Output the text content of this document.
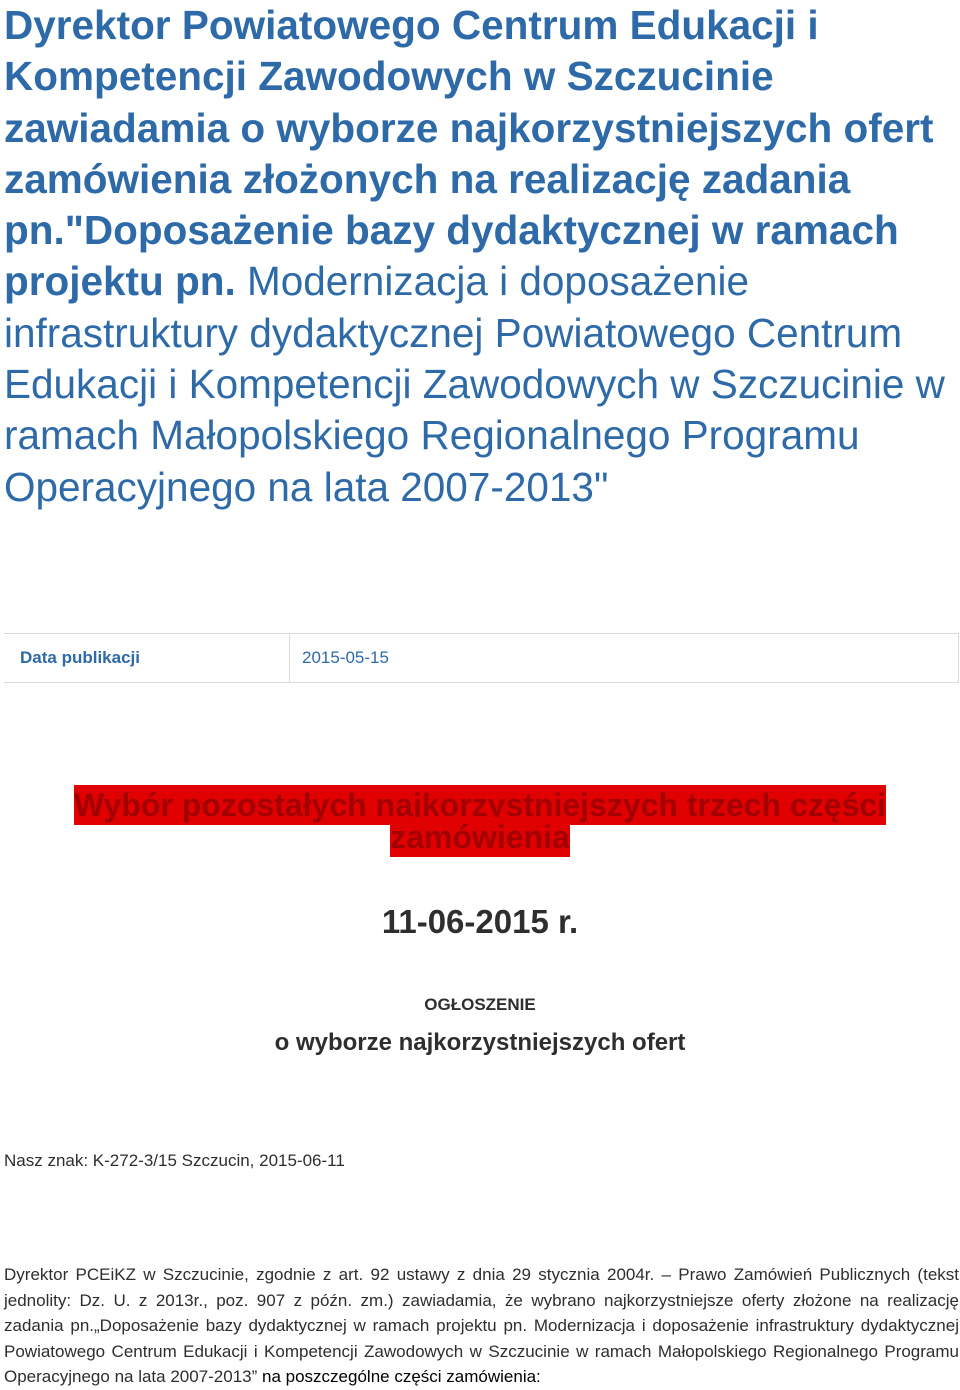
Dyrektor Powiatowego Centrum Edukacji i Kompetencji Zawodowych w Szczucinie zawiadamia o wyborze najkorzystniejszych ofert zamówienia złożonych na realizację zadania pn."Doposażenie bazy dydaktycznej w ramach projektu pn. Modernizacja i doposażenie infrastruktury dydaktycznej Powiatowego Centrum Edukacji i Kompetencji Zawodowych w Szczucinie w ramach Małopolskiego Regionalnego Programu Operacyjnego na lata 2007-2013"
Data publikacji	2015-05-15
Wybór pozostałych najkorzystniejszych trzech części zamówienia
11-06-2015 r.
OGŁOSZENIE
o wyborze najkorzystniejszych ofert
Nasz znak: K-272-3/15 Szczucin, 2015-06-11

Dyrektor PCEiKZ w Szczucinie, zgodnie z art. 92 ustawy z dnia 29 stycznia 2004r. – Prawo Zamówień Publicznych (tekst jednolity: Dz. U. z 2013r., poz. 907 z późn. zm.) zawiadamia, że wybrano najkorzystniejsze oferty złożone na realizację zadania pn.„Doposażenie bazy dydaktycznej w ramach projektu pn. Modernizacja i doposażenie infrastruktury dydaktycznej Powiatowego Centrum Edukacji i Kompetencji Zawodowych w Szczucinie w ramach Małopolskiego Regionalnego Programu Operacyjnego na lata 2007-2013” na poszczególne części zamówienia:
